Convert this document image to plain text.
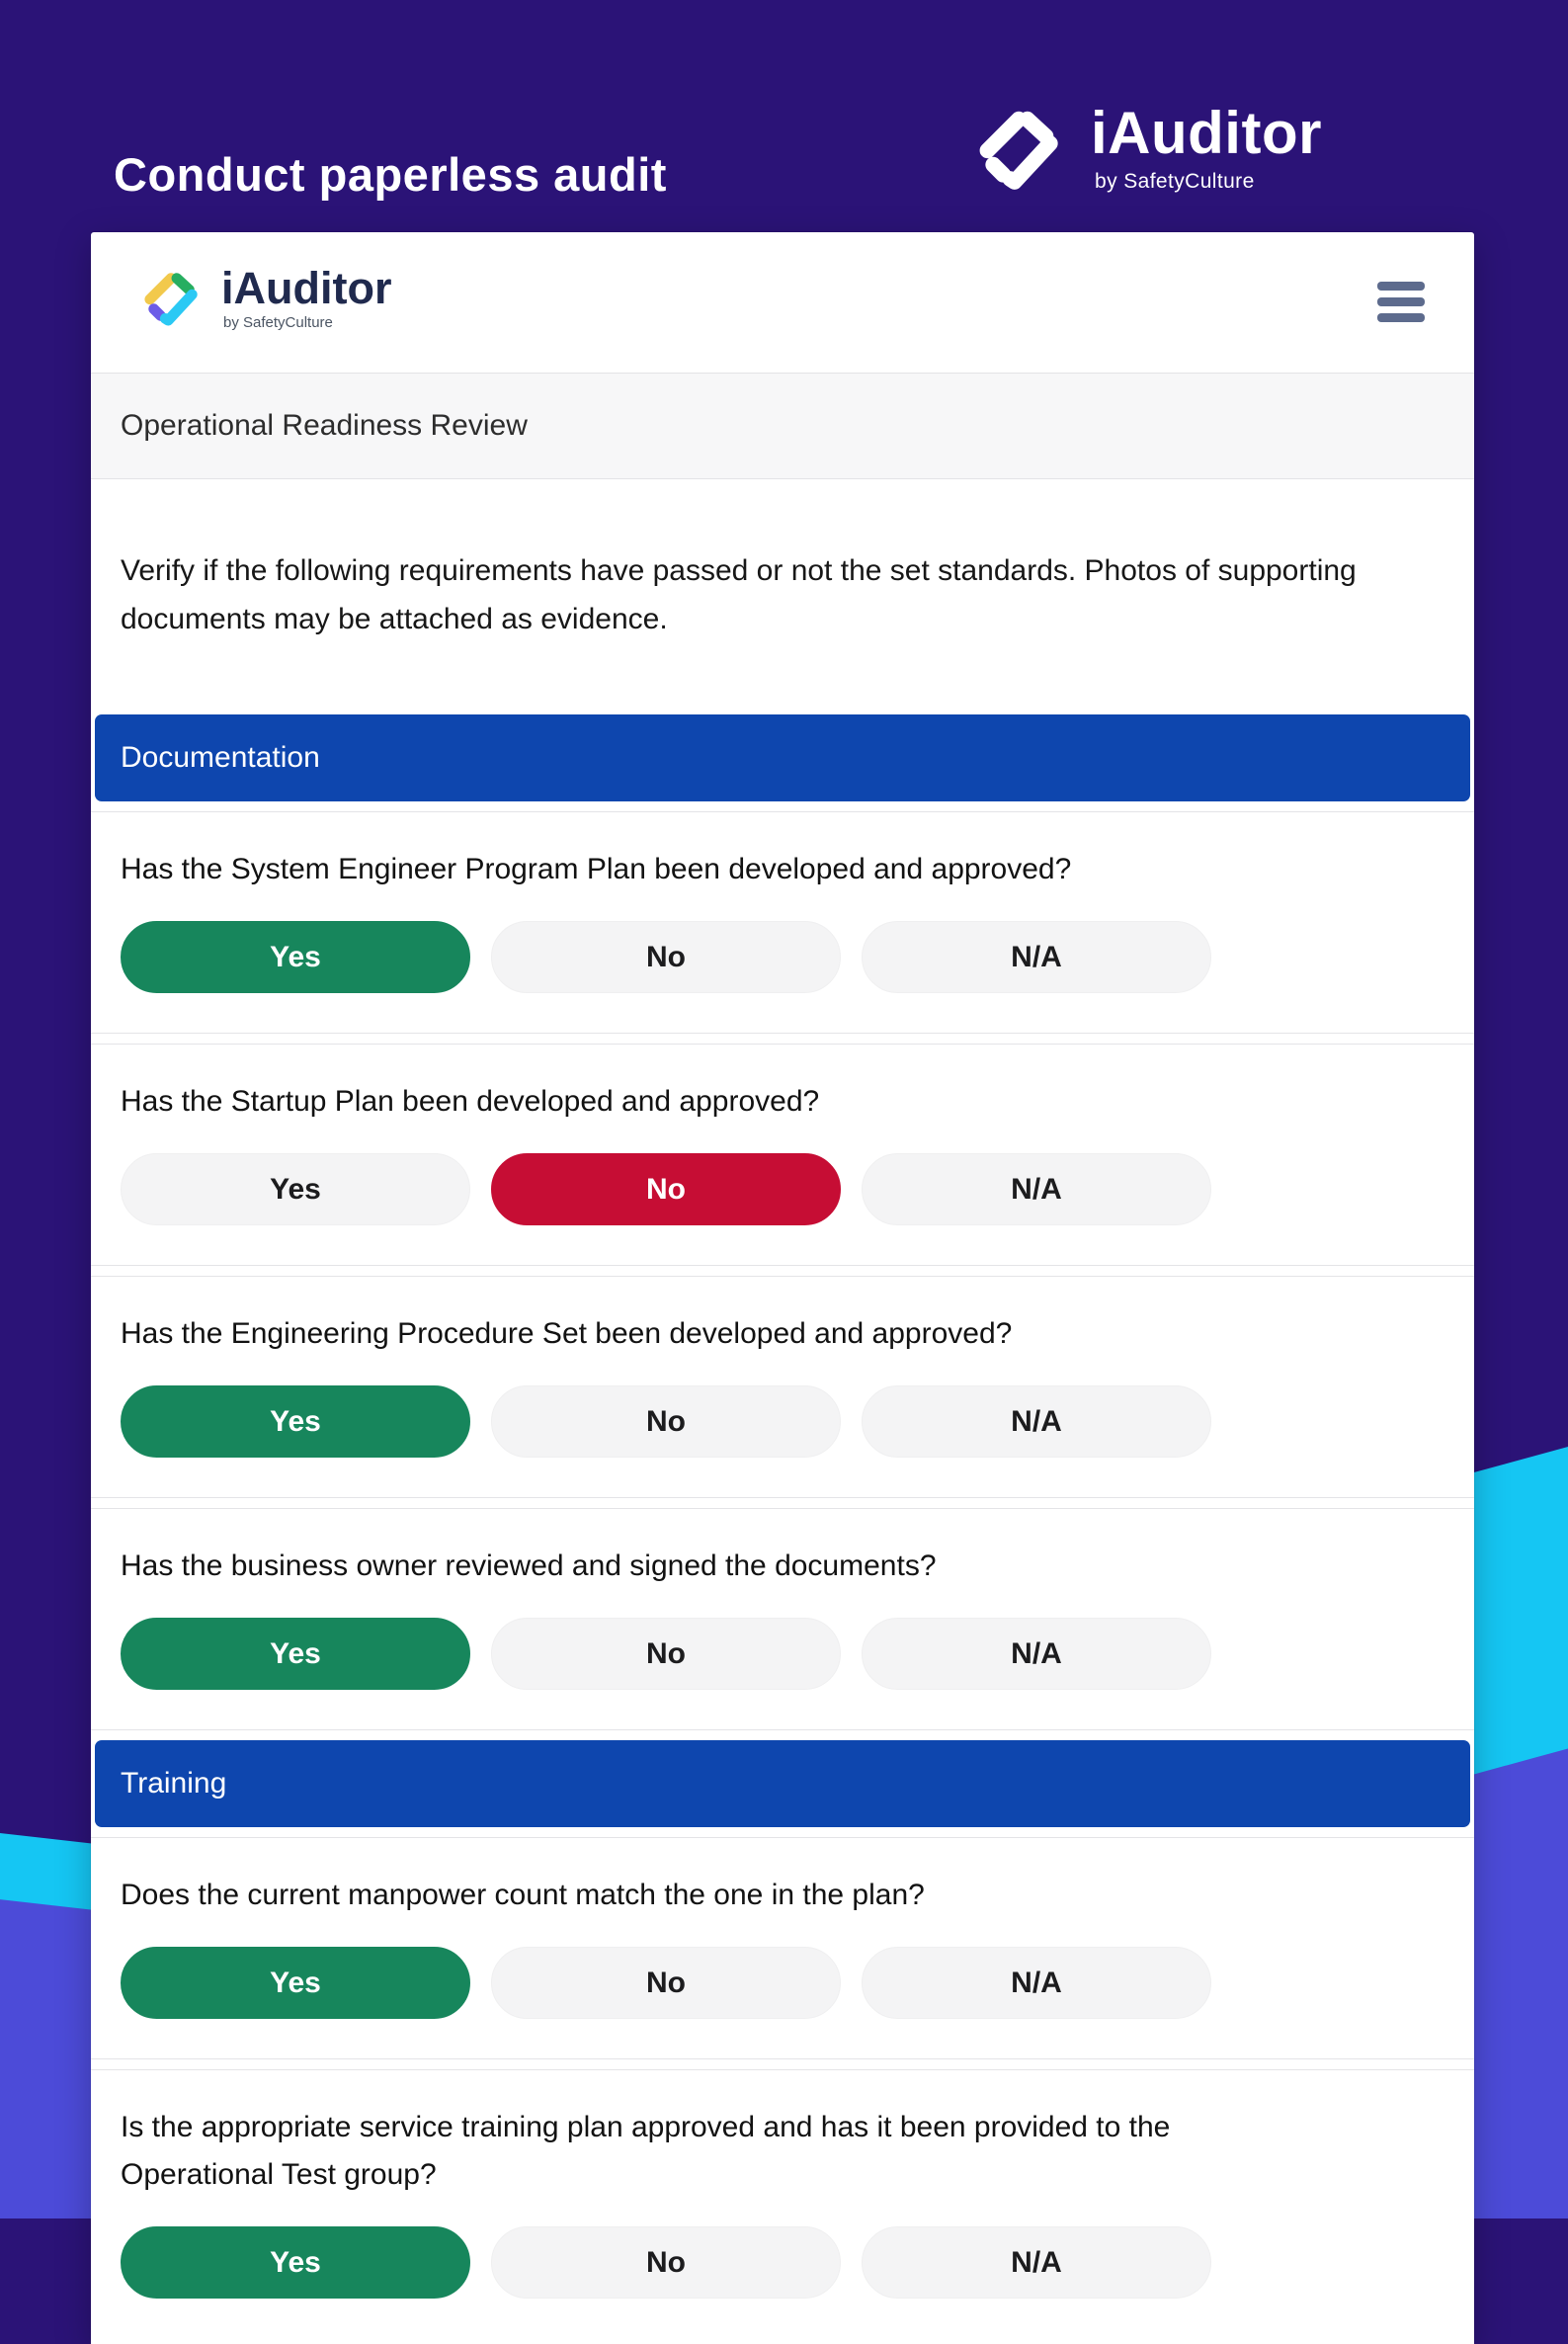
Conduct paperless audit
iAuditor
by SafetyCulture
iAuditor
by SafetyCulture
Operational Readiness Review

Verify if the following requirements have passed or not the set standards. Photos of supporting documents may be attached as evidence.

Documentation

Has the System Engineer Program Plan been developed and approved?

Yes	No	N/A

Has the Startup Plan been developed and approved?

Yes	No	N/A

Has the Engineering Procedure Set been developed and approved?

Yes	No	N/A

Has the business owner reviewed and signed the documents?

Yes	No	N/A
Training

Does the current manpower count match the one in the plan?

Yes	No	N/A

Is the appropriate service training plan approved and has it been provided to the Operational Test group?

Yes	No	N/A
